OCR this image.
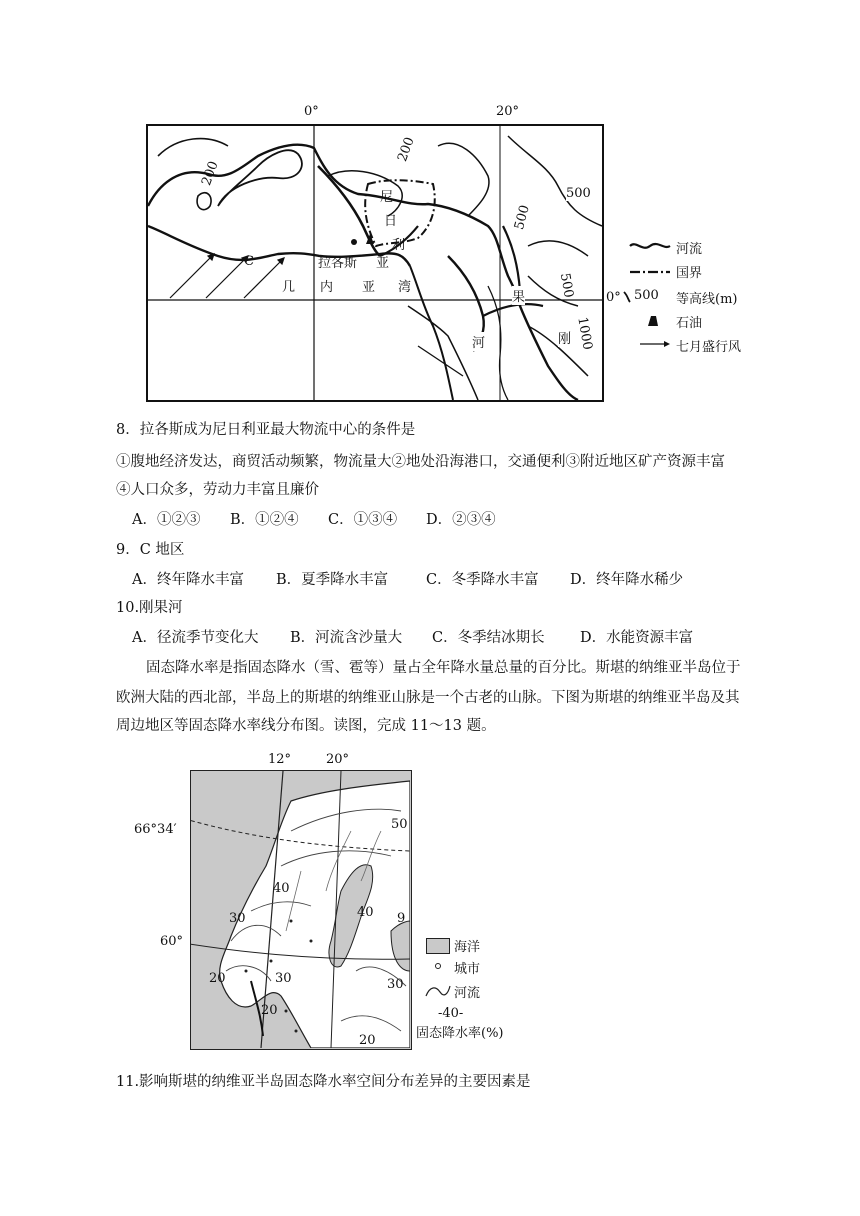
0°	20°
C
尼
日
利
拉各斯 亚
几 内 亚 湾
果
河	刚
200
200
500
500
500
1000
0°
河流
国界
500 等高线(m)
石油
七月盛行风
8．拉各斯成为尼日利亚最大物流中心的条件是
①腹地经济发达，商贸活动频繁，物流量大②地处沿海港口，交通便利③附近地区矿产资源丰富
④人口众多，劳动力丰富且廉价
A．①②③ B．①②④ C．①③④ D．②③④
9．C 地区
A．终年降水丰富 B．夏季降水丰富	C．冬季降水丰富 D．终年降水稀少
10.刚果河
A．径流季节变化大 B．河流含沙量大 C．冬季结冰期长 D．水能资源丰富
固态降水率是指固态降水（雪、雹等）量占全年降水量总量的百分比。斯堪的纳维亚半岛位于
欧洲大陆的西北部，半岛上的斯堪的纳维亚山脉是一个古老的山脉。下图为斯堪的纳维亚半岛及其
周边地区等固态降水率线分布图。读图，完成 11～13 题。
12°	20°
66°34′
60°
50
40
40
30
30
20
20
20
30
9
海洋
城市
河流
-40-
固态降水率(%)
11.影响斯堪的纳维亚半岛固态降水率空间分布差异的主要因素是
